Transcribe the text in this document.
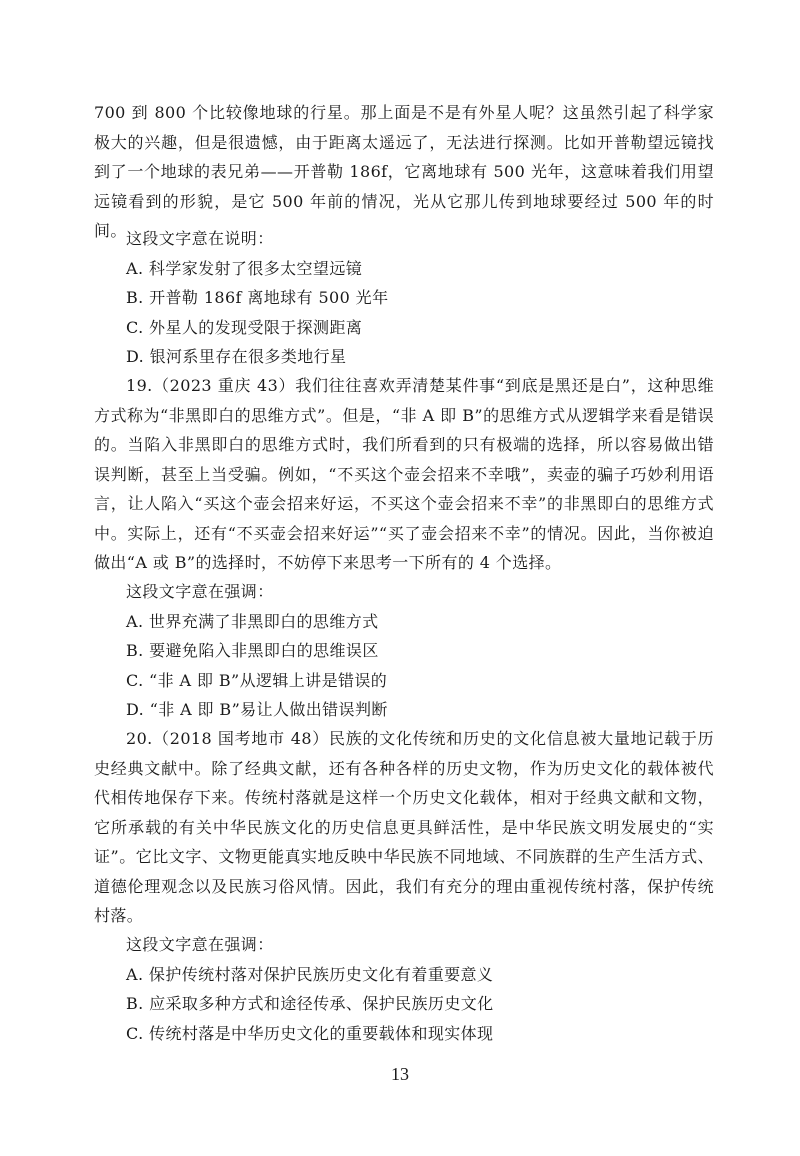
700 到 800 个比较像地球的行星。那上面是不是有外星人呢？这虽然引起了科学家极大的兴趣，但是很遗憾，由于距离太遥远了，无法进行探测。比如开普勒望远镜找到了一个地球的表兄弟——开普勒 186f，它离地球有 500 光年，这意味着我们用望远镜看到的形貌，是它 500 年前的情况，光从它那儿传到地球要经过 500 年的时间。 这段文字意在说明：
A. 科学家发射了很多太空望远镜
B. 开普勒 186f 离地球有 500 光年
C. 外星人的发现受限于探测距离
D. 银河系里存在很多类地行星

19.（2023 重庆 43）我们往往喜欢弄清楚某件事“到底是黑还是白”，这种思维方式称为“非黑即白的思维方式”。但是，“非 A 即 B”的思维方式从逻辑学来看是错误的。当陷入非黑即白的思维方式时，我们所看到的只有极端的选择，所以容易做出错误判断，甚至上当受骗。例如，“不买这个壶会招来不幸哦”，卖壶的骗子巧妙利用语言，让人陷入“买这个壶会招来好运，不买这个壶会招来不幸”的非黑即白的思维方式中。实际上，还有“不买壶会招来好运”“买了壶会招来不幸”的情况。因此，当你被迫做出“A 或 B”的选择时，不妨停下来思考一下所有的 4 个选择。

这段文字意在强调：
A. 世界充满了非黑即白的思维方式
B. 要避免陷入非黑即白的思维误区
C. “非 A 即 B”从逻辑上讲是错误的
D. “非 A 即 B”易让人做出错误判断

20.（2018 国考地市 48）民族的文化传统和历史的文化信息被大量地记载于历史经典文献中。除了经典文献，还有各种各样的历史文物，作为历史文化的载体被代代相传地保存下来。传统村落就是这样一个历史文化载体，相对于经典文献和文物，它所承载的有关中华民族文化的历史信息更具鲜活性，是中华民族文明发展史的“实证”。它比文字、文物更能真实地反映中华民族不同地域、不同族群的生产生活方式、道德伦理观念以及民族习俗风情。因此，我们有充分的理由重视传统村落，保护传统村落。

这段文字意在强调：
A. 保护传统村落对保护民族历史文化有着重要意义
B. 应采取多种方式和途径传承、保护民族历史文化
C. 传统村落是中华历史文化的重要载体和现实体现
13
